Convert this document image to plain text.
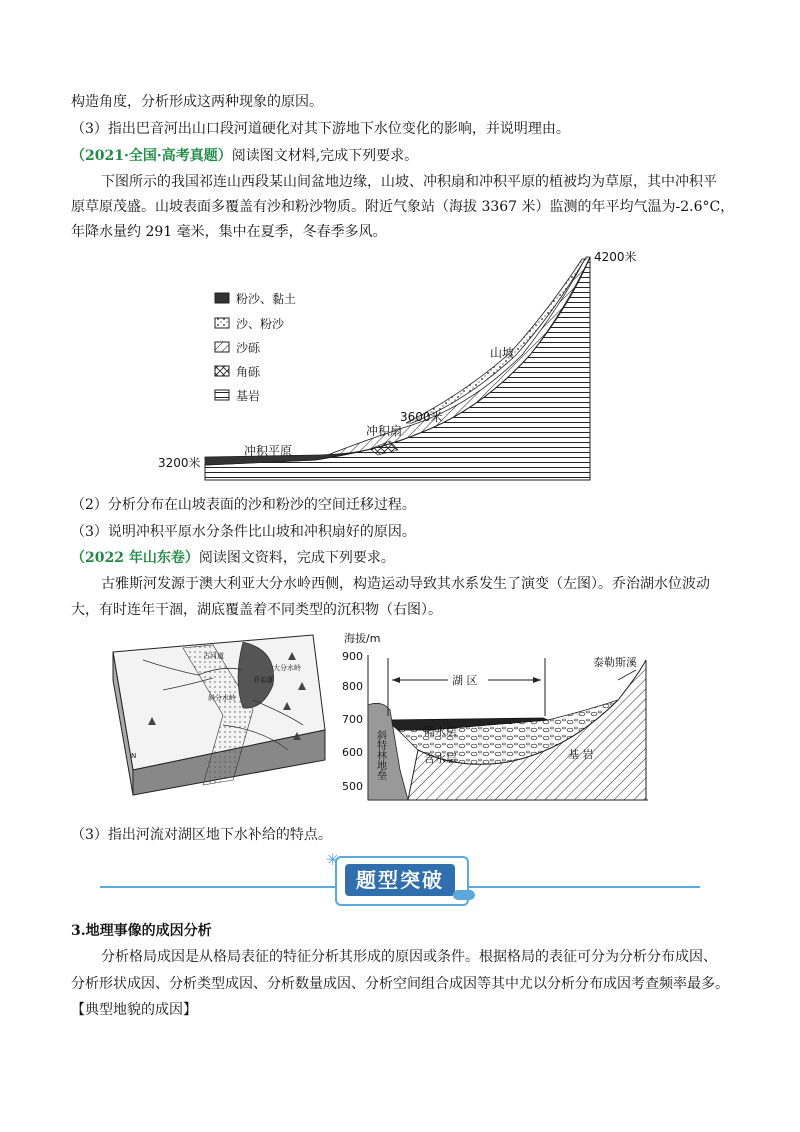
构造角度，分析形成这两种现象的原因。
（3）指出巴音河出山口段河道硬化对其下游地下水位变化的影响，并说明理由。
（2021·全国·高考真题）阅读图文材料,完成下列要求。
下图所示的我国祁连山西段某山间盆地边缘，山坡、冲积扇和冲积平原的植被均为草原，其中冲积平
原草原茂盛。山坡表面多覆盖有沙和粉沙物质。附近气象站（海拔 3367 米）监测的年平均气温为-2.6°C，
年降水量约 291 毫米，集中在夏季，冬春季多风。
粉沙、黏土
沙、粉沙
沙砾
角砾
基岩
4200米
3600米
3200米
山坡
冲积扇
冲积平原
（2）分析分布在山坡表面的沙和粉沙的空间迁移过程。
（3）说明冲积平原水分条件比山坡和冲积扇好的原因。
（2022 年山东卷）阅读图文资料，完成下列要求。
古雅斯河发源于澳大利亚大分水岭西侧，构造运动导致其水系发生了演变（左图）。乔治湖水位波动
大，有时连年干涸，湖底覆盖着不同类型的沉积物（右图）。
古河道
乔治湖
斜分水岭
大分水岭
N
海拔/m
900
800
700
600
500
湖 区
泰勒斯溪
隔水层
含水层	基 岩
斜特林地垒
（3）指出河流对湖区地下水补给的特点。
题型突破
✳
3.地理事像的成因分析
分析格局成因是从格局表征的特征分析其形成的原因或条件。根据格局的表征可分为分析分布成因、
分析形状成因、分析类型成因、分析数量成因、分析空间组合成因等其中尤以分析分布成因考查频率最多。
【典型地貌的成因】
